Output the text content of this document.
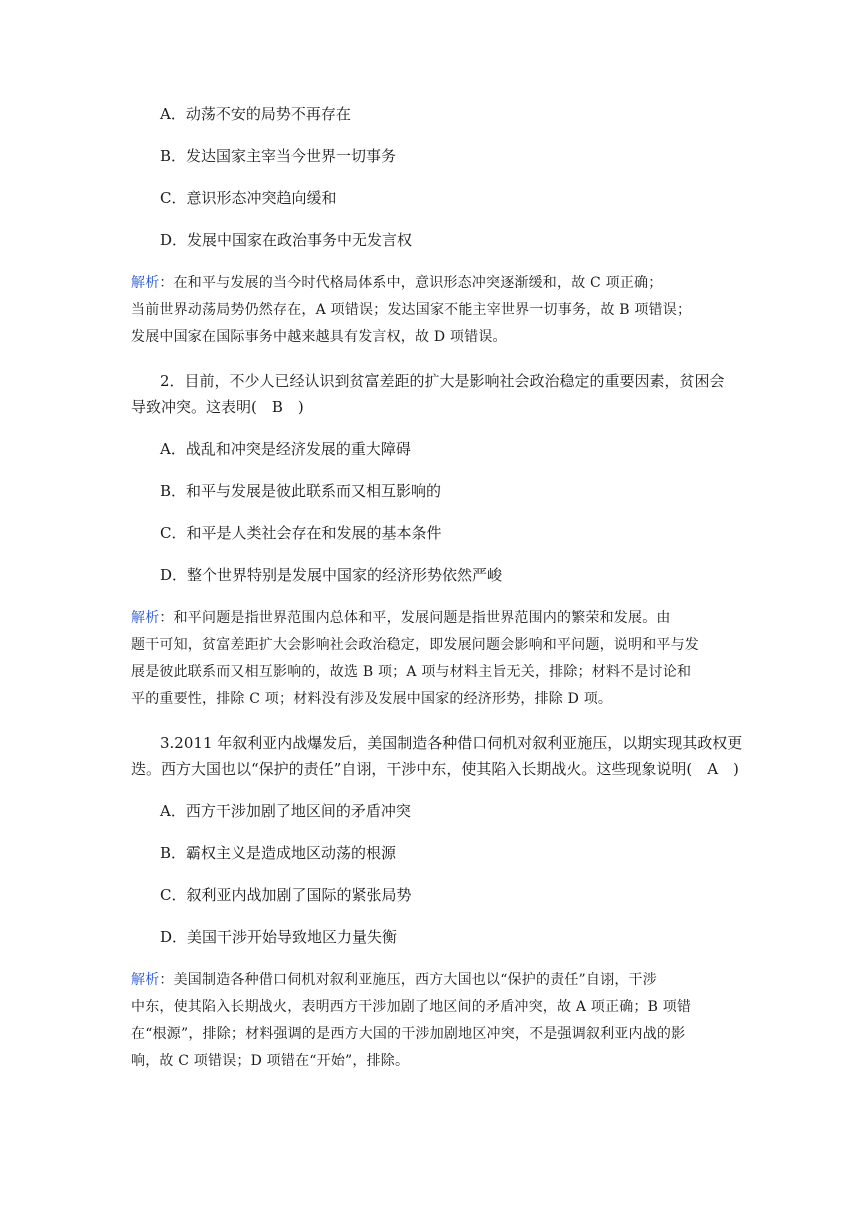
A．动荡不安的局势不再存在
B．发达国家主宰当今世界一切事务
C．意识形态冲突趋向缓和
D．发展中国家在政治事务中无发言权
解析：在和平与发展的当今时代格局体系中，意识形态冲突逐渐缓和，故 C 项正确；
当前世界动荡局势仍然存在，A 项错误；发达国家不能主宰世界一切事务，故 B 项错误；
发展中国家在国际事务中越来越具有发言权，故 D 项错误。
2．目前，不少人已经认识到贫富差距的扩大是影响社会政治稳定的重要因素，贫困会
导致冲突。这表明(　B　)
A．战乱和冲突是经济发展的重大障碍
B．和平与发展是彼此联系而又相互影响的
C．和平是人类社会存在和发展的基本条件
D．整个世界特别是发展中国家的经济形势依然严峻
解析：和平问题是指世界范围内总体和平，发展问题是指世界范围内的繁荣和发展。由
题干可知，贫富差距扩大会影响社会政治稳定，即发展问题会影响和平问题，说明和平与发
展是彼此联系而又相互影响的，故选 B 项；A 项与材料主旨无关，排除；材料不是讨论和
平的重要性，排除 C 项；材料没有涉及发展中国家的经济形势，排除 D 项。
3.2011 年叙利亚内战爆发后，美国制造各种借口伺机对叙利亚施压，以期实现其政权更
迭。西方大国也以“保护的责任”自诩，干涉中东，使其陷入长期战火。这些现象说明(　A　)
A．西方干涉加剧了地区间的矛盾冲突
B．霸权主义是造成地区动荡的根源
C．叙利亚内战加剧了国际的紧张局势
D．美国干涉开始导致地区力量失衡
解析：美国制造各种借口伺机对叙利亚施压，西方大国也以“保护的责任”自诩，干涉
中东，使其陷入长期战火，表明西方干涉加剧了地区间的矛盾冲突，故 A 项正确；B 项错
在“根源”，排除；材料强调的是西方大国的干涉加剧地区冲突，不是强调叙利亚内战的影
响，故 C 项错误；D 项错在“开始”，排除。
